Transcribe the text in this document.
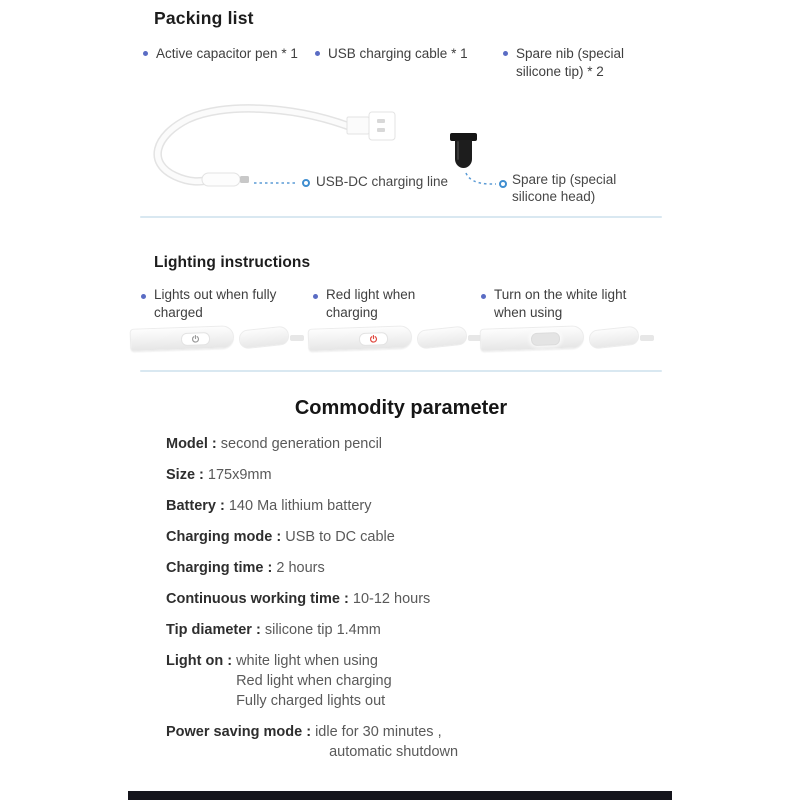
Packing list
Active capacitor pen * 1 USB charging cable * 1	Spare nib (special silicone tip) * 2
USB-DC charging line	Spare tip (special silicone head)
Lighting instructions
Lights out when fully charged
Red light when charging
Turn on the white light when using
Commodity parameter
Model : second generation pencil
Size : 175x9mm
Battery : 140 Ma lithium battery
Charging mode : USB to DC cable
Charging time : 2 hours
Continuous working time : 10-12 hours
Tip diameter : silicone tip 1.4mm
Light on : white light when using
Red light when charging
Fully charged lights out
Power saving mode : idle for 30 minutes ,
automatic shutdown
